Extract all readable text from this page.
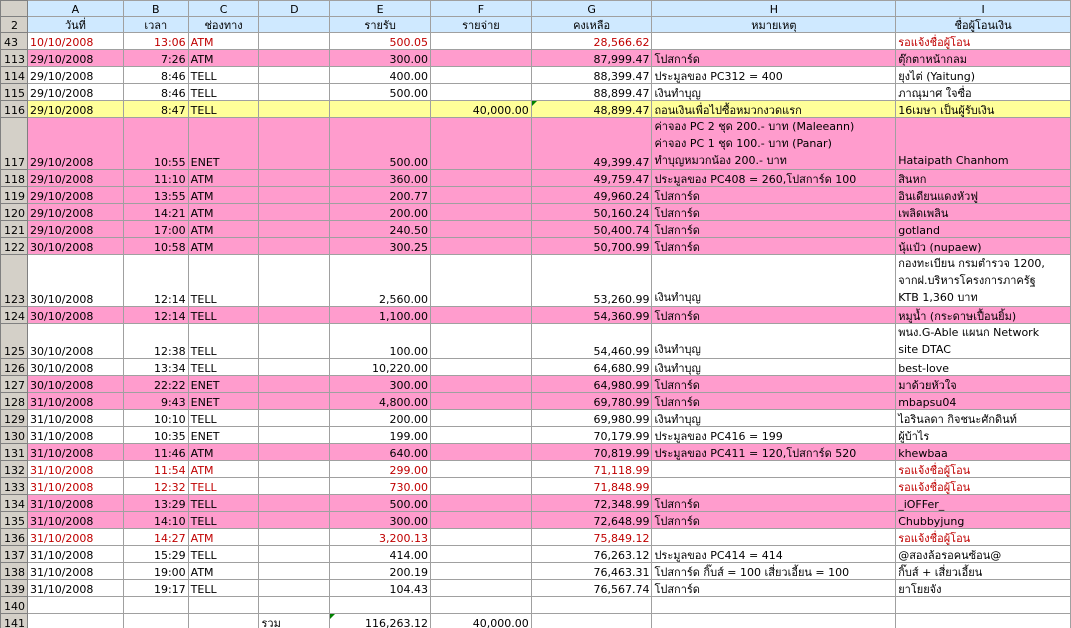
	A	B	C	D	E	F	G	H	I
2	วันที่	เวลา	ช่องทาง		รายรับ	รายจ่าย	คงเหลือ	หมายเหตุ	ชื่อผู้โอนเงิน
43	10/10/2008	13:06	ATM		500.05		28,566.62		รอแจ้งชื่อผู้โอน
113	29/10/2008	7:26	ATM		300.00		87,999.47	โปสการ์ด	ตุ๊กตาหน้ากลม
114	29/10/2008	8:46	TELL		400.00		88,399.47	ประมูลของ PC312 = 400	ยุงไต่ (Yaitung)
115	29/10/2008	8:46	TELL		500.00		88,899.47	เงินทำบุญ	ภาณุมาศ ใจซื่อ
116	29/10/2008	8:47	TELL			40,000.00	48,899.47	ถอนเงินเพื่อไปซื้อหมวกงวดแรก	16เมษา เป็นผู้รับเงิน
117	29/10/2008	10:55	ENET		500.00		49,399.47	ค่าจอง PC 2 ชุด 200.- บาท (Maleeann)
ค่าจอง PC 1 ชุด 100.- บาท (Panar)
ทำบุญหมวกน้อง 200.- บาท	Hataipath Chanhom
118	29/10/2008	11:10	ATM		360.00		49,759.47	ประมูลของ PC408 = 260,โปสการ์ด 100	สินหก
119	29/10/2008	13:55	ATM		200.77		49,960.24	โปสการ์ด	อินเดียนแดงหัวฟู
120	29/10/2008	14:21	ATM		200.00		50,160.24	โปสการ์ด	เพลิดเพลิน
121	29/10/2008	17:00	ATM		240.50		50,400.74	โปสการ์ด	gotland
122	30/10/2008	10:58	ATM		300.25		50,700.99	โปสการ์ด	นุ้แป๋ว (nupaew)
123	30/10/2008	12:14	TELL		2,560.00		53,260.99	เงินทำบุญ	กองทะเบียน กรมตำรวจ 1200,
จากฝ.บริหารโครงการภาครัฐ
KTB 1,360 บาท
124	30/10/2008	12:14	TELL		1,100.00		54,360.99	โปสการ์ด	หมูน้ำ (กระดาษเปื้อนยิ้ม)
125	30/10/2008	12:38	TELL		100.00		54,460.99	เงินทำบุญ	พนง.G-Able แผนก Network
site DTAC
126	30/10/2008	13:34	TELL		10,220.00		64,680.99	เงินทำบุญ	best-love
127	30/10/2008	22:22	ENET		300.00		64,980.99	โปสการ์ด	มาด้วยหัวใจ
128	31/10/2008	9:43	ENET		4,800.00		69,780.99	โปสการ์ด	mbapsu04
129	31/10/2008	10:10	TELL		200.00		69,980.99	เงินทำบุญ	ไอรินลดา กิจชนะศักดินท์
130	31/10/2008	10:35	ENET		199.00		70,179.99	ประมูลของ PC416 = 199	ผู้บ้าไร
131	31/10/2008	11:46	ATM		640.00		70,819.99	ประมูลของ PC411 = 120,โปสการ์ด 520	khewbaa
132	31/10/2008	11:54	ATM		299.00		71,118.99		รอแจ้งชื่อผู้โอน
133	31/10/2008	12:32	TELL		730.00		71,848.99		รอแจ้งชื่อผู้โอน
134	31/10/2008	13:29	TELL		500.00		72,348.99	โปสการ์ด	_iOFFer_
135	31/10/2008	14:10	TELL		300.00		72,648.99	โปสการ์ด	Chubbyjung
136	31/10/2008	14:27	ATM		3,200.13		75,849.12		รอแจ้งชื่อผู้โอน
137	31/10/2008	15:29	TELL		414.00		76,263.12	ประมูลของ PC414 = 414	@สองล้อรอคนซ้อน@
138	31/10/2008	19:00	ATM		200.19		76,463.31	โปสการ์ด กิ๊บส์ = 100 เสี่ยวเอี้ยน = 100	กิ๊บส์ + เสี่ยวเอี้ยน
139	31/10/2008	19:17	TELL		104.43		76,567.74	โปสการ์ด	ยาโยยจัง
140									
141				รวม	116,263.12	40,000.00			
